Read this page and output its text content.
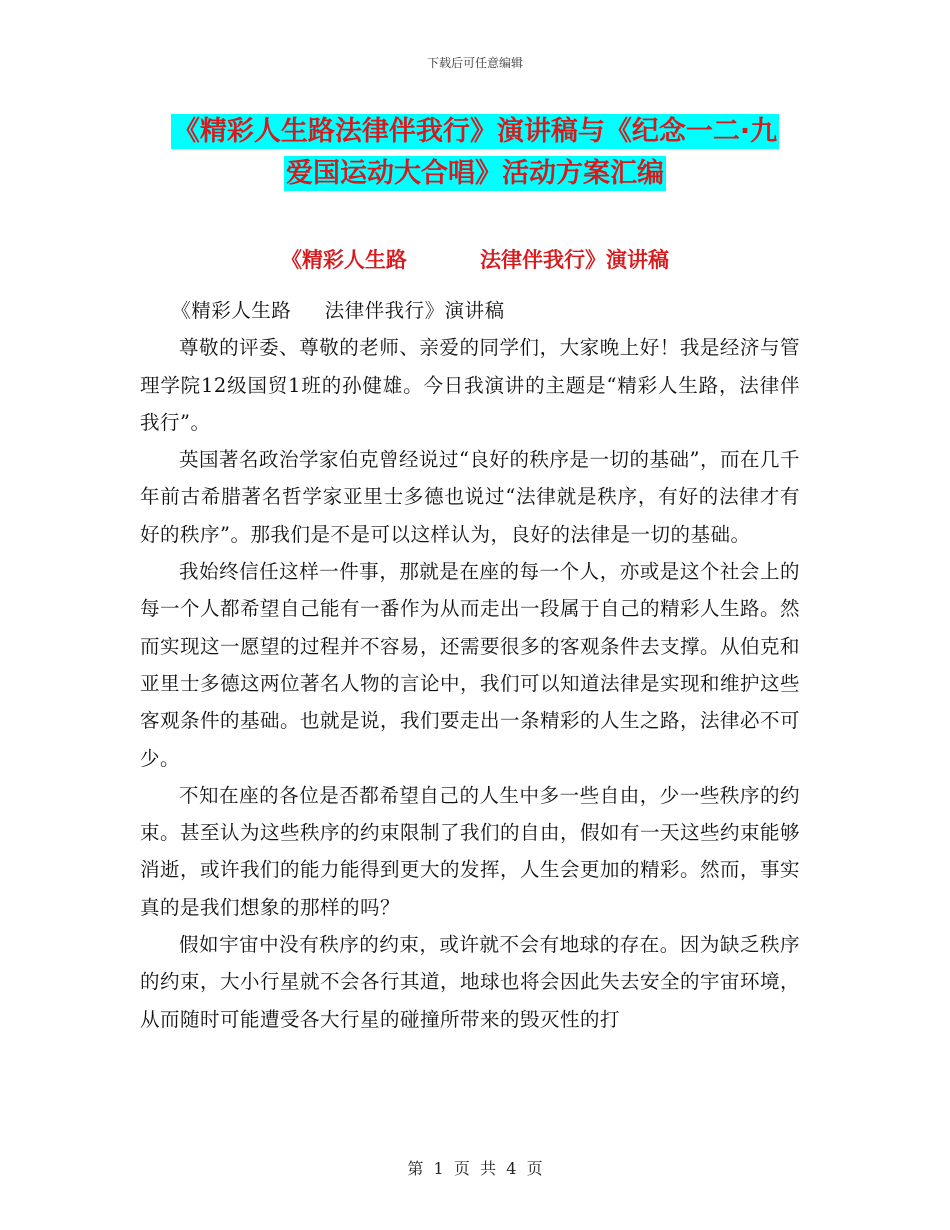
下载后可任意编辑
《精彩人生路法律伴我行》演讲稿与《纪念一二·九
爱国运动大合唱》活动方案汇编
《精彩人生路          法律伴我行》演讲稿

《精彩人生路     法律伴我行》演讲稿

尊敬的评委、尊敬的老师、亲爱的同学们，大家晚上好！我是经济与管理学院12级国贸1班的孙健雄。今日我演讲的主题是“精彩人生路，法律伴我行”。

英国著名政治学家伯克曾经说过“良好的秩序是一切的基础”，而在几千年前古希腊著名哲学家亚里士多德也说过“法律就是秩序，有好的法律才有好的秩序”。那我们是不是可以这样认为，良好的法律是一切的基础。

我始终信任这样一件事，那就是在座的每一个人，亦或是这个社会上的每一个人都希望自己能有一番作为从而走出一段属于自己的精彩人生路。然而实现这一愿望的过程并不容易，还需要很多的客观条件去支撑。从伯克和亚里士多德这两位著名人物的言论中，我们可以知道法律是实现和维护这些客观条件的基础。也就是说，我们要走出一条精彩的人生之路，法律必不可少。

不知在座的各位是否都希望自己的人生中多一些自由，少一些秩序的约束。甚至认为这些秩序的约束限制了我们的自由，假如有一天这些约束能够消逝，或许我们的能力能得到更大的发挥，人生会更加的精彩。然而，事实真的是我们想象的那样的吗？

假如宇宙中没有秩序的约束，或许就不会有地球的存在。因为缺乏秩序的约束，大小行星就不会各行其道，地球也将会因此失去安全的宇宙环境，从而随时可能遭受各大行星的碰撞所带来的毁灭性的打

第  1  页  共  4  页
